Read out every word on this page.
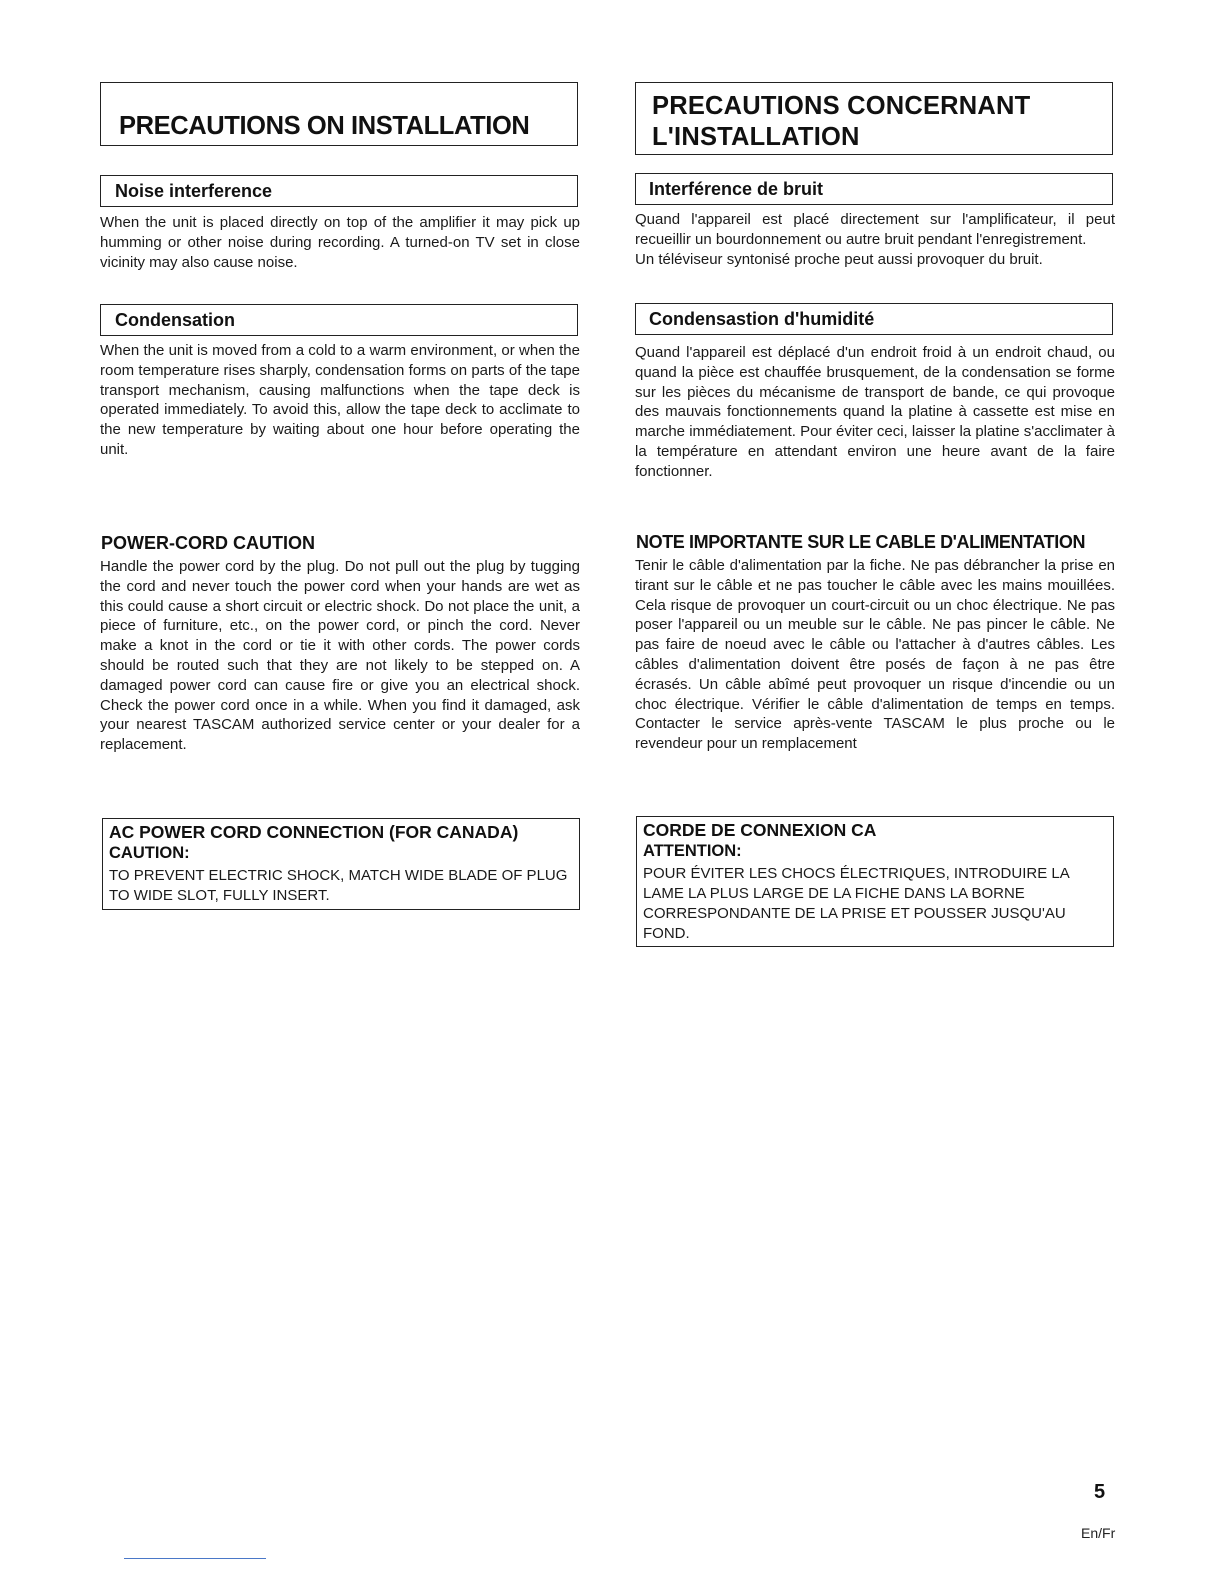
PRECAUTIONS ON INSTALLATION
Noise interference

When the unit is placed directly on top of the amplifier it may pick up humming or other noise during recording. A turned-on TV set in close vicinity may also cause noise.

Condensation

When the unit is moved from a cold to a warm environment, or when the room temperature rises sharply, condensation forms on parts of the tape transport mechanism, causing malfunctions when the tape deck is operated immediately. To avoid this, allow the tape deck to acclimate to the new temperature by waiting about one hour before operating the unit.

POWER-CORD CAUTION

Handle the power cord by the plug. Do not pull out the plug by tugging the cord and never touch the power cord when your hands are wet as this could cause a short circuit or electric shock. Do not place the unit, a piece of furniture, etc., on the power cord, or pinch the cord. Never make a knot in the cord or tie it with other cords. The power cords should be routed such that they are not likely to be stepped on. A damaged power cord can cause fire or give you an electrical shock. Check the power cord once in a while. When you find it damaged, ask your nearest TASCAM authorized service center or your dealer for a replacement.

AC POWER CORD CONNECTION (FOR CANADA)
CAUTION:
TO PREVENT ELECTRIC SHOCK, MATCH WIDE BLADE OF PLUG TO WIDE SLOT, FULLY INSERT.
PRECAUTIONS CONCERNANT
L'INSTALLATION
Interférence de bruit

Quand l'appareil est placé directement sur l'amplificateur, il peut recueillir un bourdonnement ou autre bruit pendant l'enregistrement.
Un téléviseur syntonisé proche peut aussi provoquer du bruit.

Condensastion d'humidité

Quand l'appareil est déplacé d'un endroit froid à un endroit chaud, ou quand la pièce est chauffée brusquement, de la condensation se forme sur les pièces du mécanisme de transport de bande, ce qui provoque des mauvais fonctionnements quand la platine à cassette est mise en marche immédiatement. Pour éviter ceci, laisser la platine s'acclimater à la température en attendant environ une heure avant de la faire fonctionner.

NOTE IMPORTANTE SUR LE CABLE D'ALIMENTATION

Tenir le câble d'alimentation par la fiche. Ne pas débrancher la prise en tirant sur le câble et ne pas toucher le câble avec les mains mouillées. Cela risque de provoquer un court-circuit ou un choc électrique. Ne pas poser l'appareil ou un meuble sur le câble. Ne pas pincer le câble. Ne pas faire de noeud avec le câble ou l'attacher à d'autres câbles. Les câbles d'alimentation doivent être posés de façon à ne pas être écrasés. Un câble abîmé peut provoquer un risque d'incendie ou un choc électrique. Vérifier le câble d'alimentation de temps en temps. Contacter le service après-vente TASCAM le plus proche ou le revendeur pour un remplacement

CORDE DE CONNEXION CA
ATTENTION:
POUR ÉVITER LES CHOCS ÉLECTRIQUES, INTRODUIRE LA LAME LA PLUS LARGE DE LA FICHE DANS LA BORNE CORRESPONDANTE DE LA PRISE ET POUSSER JUSQU'AU FOND.
5
En/Fr
